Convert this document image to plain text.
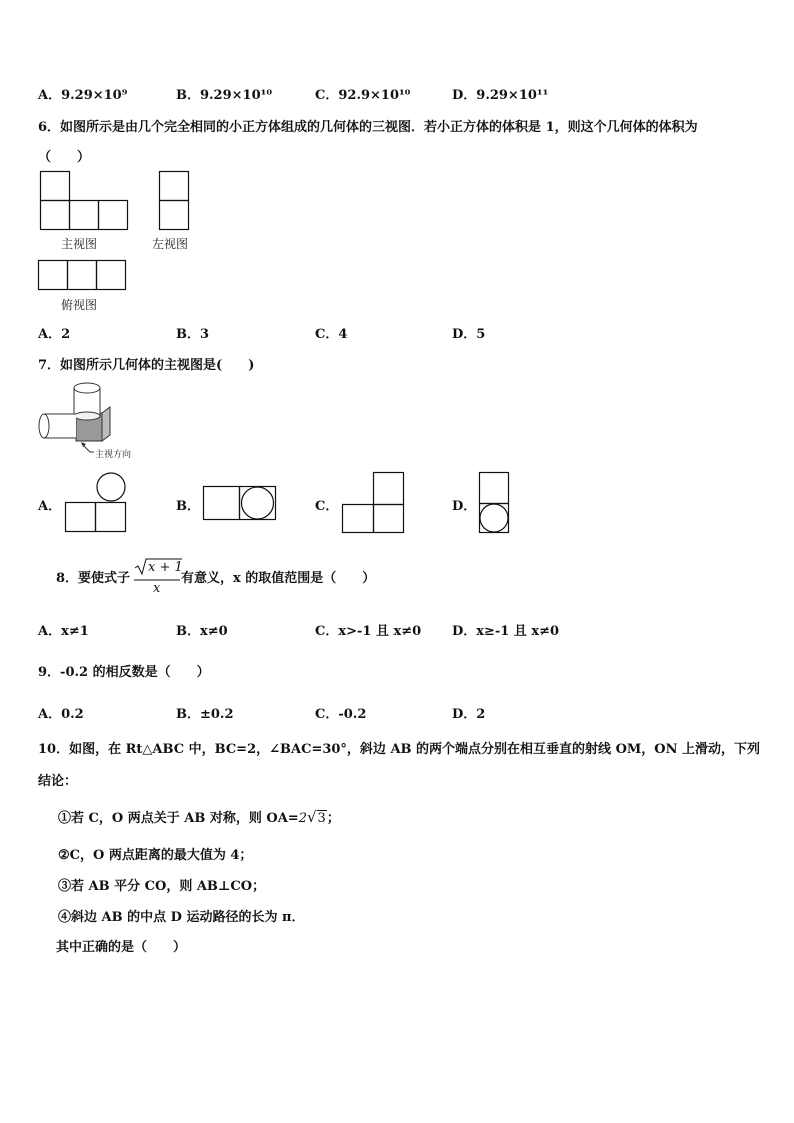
A．9.29×10⁹	B．9.29×10¹⁰	C．92.9×10¹⁰	D．9.29×10¹¹
6．如图所示是由几个完全相同的小正方体组成的几何体的三视图．若小正方体的体积是 1，则这个几何体的体积为
（　　）
主视图	左视图
俯视图
A．2	B．3	C．4	D．5
7．如图所示几何体的主视图是(　　)
主视方向
A．	B．	C．	D．
8．要使式子
x + 1
x
有意义，x 的取值范围是（　　）
A．x≠1	B．x≠0	C．x>-1 且 x≠0 D．x≥-1 且 x≠0
9．-0.2 的相反数是（　　）
A．0.2	B．±0.2	C．-0.2	D．2
10．如图，在 Rt△ABC 中，BC=2，∠BAC=30°，斜边 AB 的两个端点分别在相互垂直的射线 OM，ON 上滑动，下列
结论：
①若 C，O 两点关于 AB 对称，则 OA=2√3；
②C，O 两点距离的最大值为 4；
③若 AB 平分 CO，则 AB⊥CO；
④斜边 AB 的中点 D 运动路径的长为 π．
其中正确的是（　　）
